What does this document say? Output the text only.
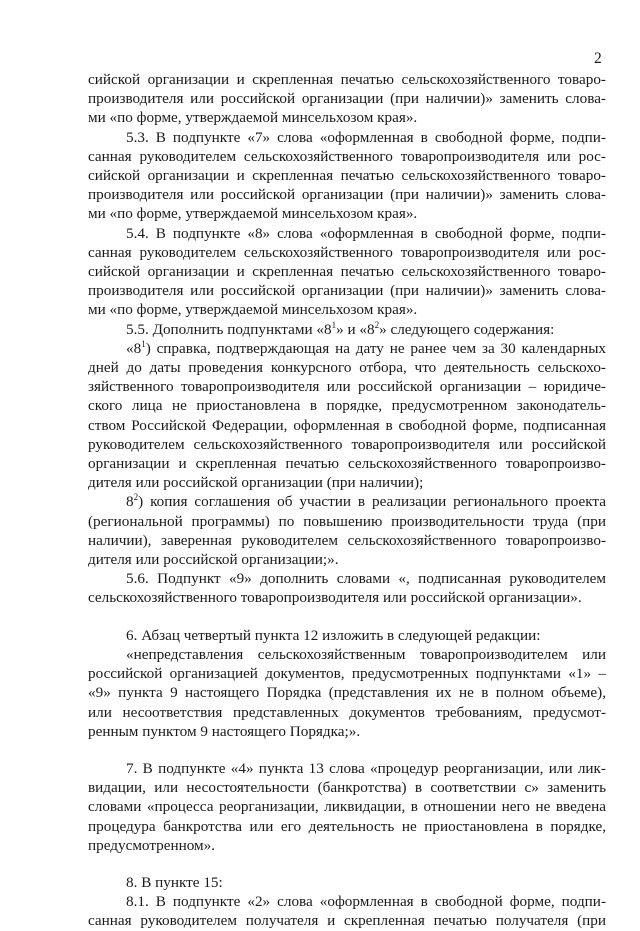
2
сийской организации и скрепленная печатью сельскохозяйственного товаро-
производителя или российской организации (при наличии)» заменить слова-
ми «по форме, утверждаемой минсельхозом края».
5.3. В подпункте «7» слова «оформленная в свободной форме, подпи-
санная руководителем сельскохозяйственного товаропроизводителя или рос-
сийской организации и скрепленная печатью сельскохозяйственного товаро-
производителя или российской организации (при наличии)» заменить слова-
ми «по форме, утверждаемой минсельхозом края».
5.4. В подпункте «8» слова «оформленная в свободной форме, подпи-
санная руководителем сельскохозяйственного товаропроизводителя или рос-
сийской организации и скрепленная печатью сельскохозяйственного товаро-
производителя или российской организации (при наличии)» заменить слова-
ми «по форме, утверждаемой минсельхозом края».
5.5. Дополнить подпунктами «$8^1$» и «$8^2$» следующего содержания:
«$8^1$) справка, подтверждающая на дату не ранее чем за 30 календарных
дней до даты проведения конкурсного отбора, что деятельность сельскохо-
зяйственного товаропроизводителя или российской организации – юридиче-
ского лица не приостановлена в порядке, предусмотренном законодатель-
ством Российской Федерации, оформленная в свободной форме, подписанная
руководителем сельскохозяйственного товаропроизводителя или российской
организации и скрепленная печатью сельскохозяйственного товаропроизво-
дителя или российской организации (при наличии);
$8^2$) копия соглашения об участии в реализации регионального проекта
(региональной программы) по повышению производительности труда (при
наличии), заверенная руководителем сельскохозяйственного товаропроизво-
дителя или российской организации;».
5.6. Подпункт «9» дополнить словами «, подписанная руководителем
сельскохозяйственного товаропроизводителя или российской организации».
6. Абзац четвертый пункта 12 изложить в следующей редакции:
«непредставления сельскохозяйственным товаропроизводителем или
российской организацией документов, предусмотренных подпунктами «1» –
«9» пункта 9 настоящего Порядка (представления их не в полном объеме),
или несоответствия представленных документов требованиям, предусмот-
ренным пунктом 9 настоящего Порядка;».
7. В подпункте «4» пункта 13 слова «процедур реорганизации, или лик-
видации, или несостоятельности (банкротства) в соответствии с» заменить
словами «процесса реорганизации, ликвидации, в отношении него не введена
процедура банкротства или его деятельность не приостановлена в порядке,
предусмотренном».
8. В пункте 15:
8.1. В подпункте «2» слова «оформленная в свободной форме, подпи-
санная руководителем получателя и скрепленная печатью получателя (при
